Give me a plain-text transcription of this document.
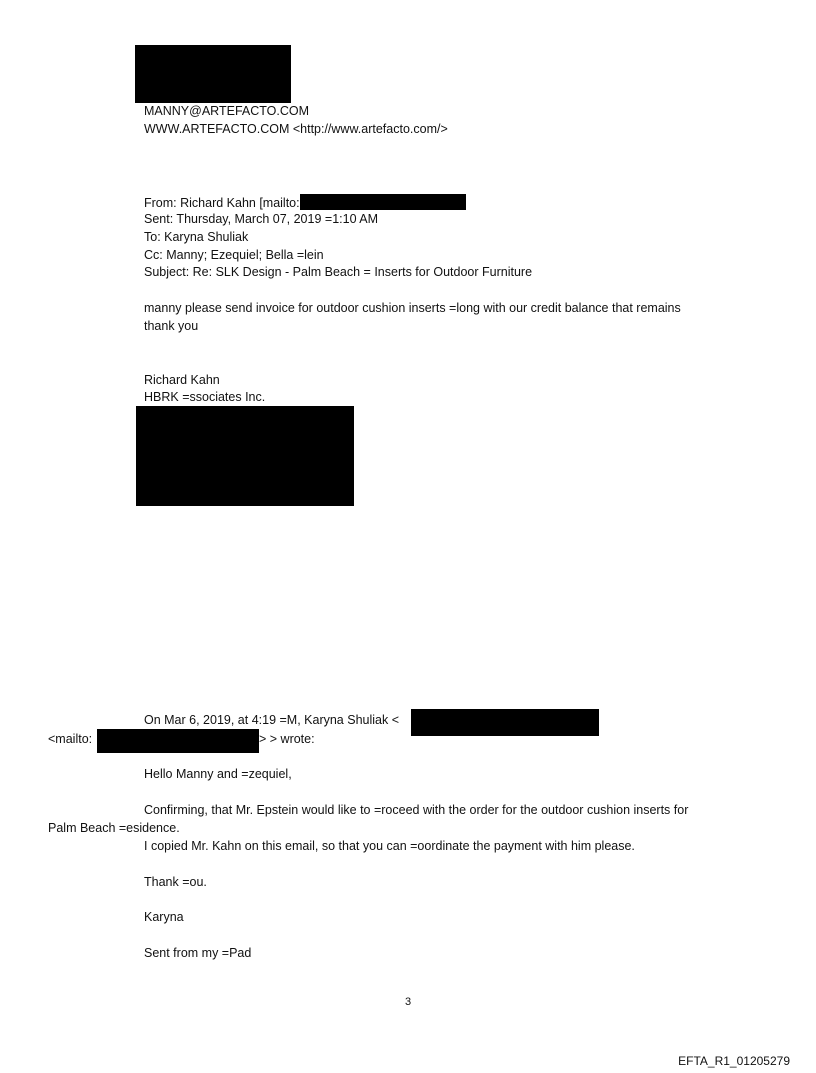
MANNY@ARTEFACTO.COM
WWW.ARTEFACTO.COM <http://www.artefacto.com/>
From: Richard Kahn [mailto:
Sent: Thursday, March 07, 2019 =1:10 AM
To: Karyna Shuliak
Cc: Manny; Ezequiel; Bella =lein
Subject: Re: SLK Design - Palm Beach = Inserts for Outdoor Furniture
manny please send invoice for outdoor cushion inserts =long with our credit balance that remains
thank you
Richard Kahn
HBRK =ssociates Inc.
On Mar 6, 2019, at 4:19 =M, Karyna Shuliak <
<mailto:	> > wrote:
Hello Manny and =zequiel,
Confirming, that Mr. Epstein would like to =roceed with the order for the outdoor cushion inserts for
Palm Beach =esidence.
I copied Mr. Kahn on this email, so that you can =oordinate the payment with him please.
Thank =ou.
Karyna
Sent from my =Pad
3
EFTA_R1_01205279
